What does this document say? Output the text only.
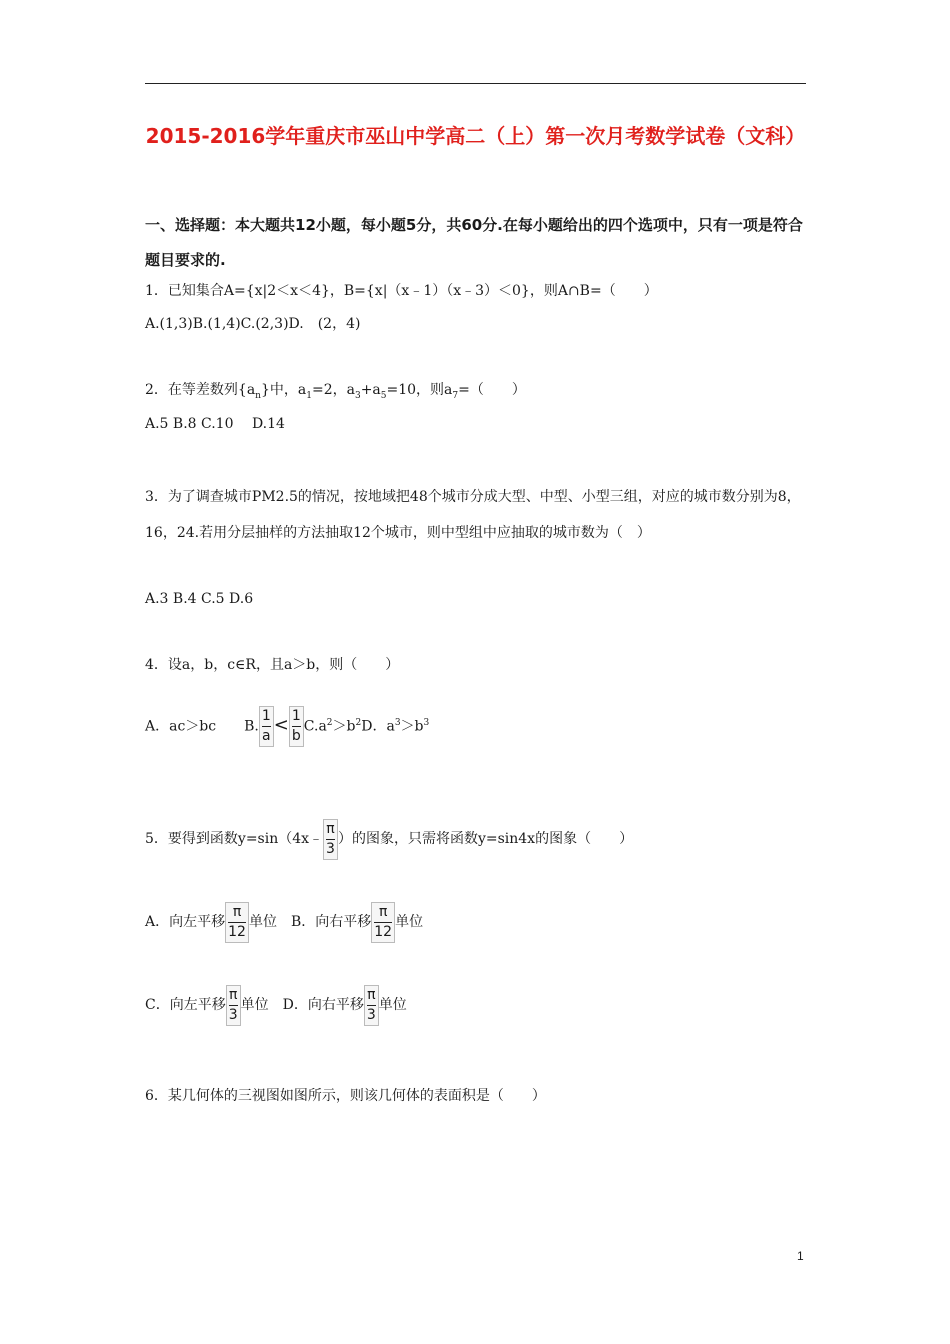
2015-2016学年重庆市巫山中学高二（上）第一次月考数学试卷（文科）
一、选择题：本大题共12小题，每小题5分，共60分.在每小题给出的四个选项中，只有一项是符合题目要求的.
1．已知集合A={x|2＜x＜4}，B={x|（x﹣1）（x﹣3）＜0}，则A∩B=（　　）
A.(1,3)B.(1,4)C.(2,3)D.　(2，4)
2．在等差数列$\{a_n\}$中，$a_1=2$，$a_3+a_5=10$，则$a_7=$（　　）
A.5 B.8 C.10　 D.14
3．为了调查城市PM2.5的情况，按地域把48个城市分成大型、中型、小型三组，对应的城市数分别为8，16，24.若用分层抽样的方法抽取12个城市，则中型组中应抽取的城市数为（　）
A.3 B.4 C.5 D.6
4．设a，b，c∈R，且a＞b，则（　　）
A．ac＞bc　　B. $\frac{1}{a} < \frac{1}{b} C.a^2>b^2D$．$a^3>b^3$
5．要得到函数y=sin（4x﹣ $\frac{\pi}{3}$ ）的图象，只需将函数y=sin4x的图象（　　）
A．向左平移 $\frac{\pi}{12}$ 单位　B．向右平移 $\frac{\pi}{12}$ 单位
C．向左平移 $\frac{\pi}{3}$ 单位　D．向右平移 $\frac{\pi}{3}$ 单位
6．某几何体的三视图如图所示，则该几何体的表面积是（　　）
1
